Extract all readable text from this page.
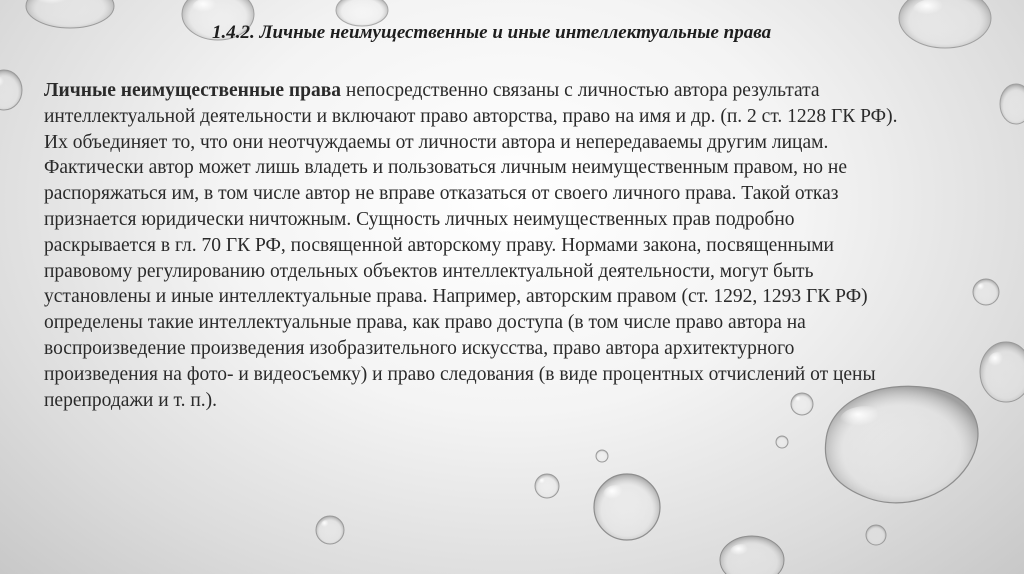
1.4.2. Личные неимущественные и иные интеллектуальные права

Личные неимущественные права непосредственно связаны с личностью автора результата
интеллектуальной деятельности и включают право авторства, право на имя и др. (п. 2 ст. 1228 ГК РФ).
Их объединяет то, что они неотчуждаемы от личности автора и непередаваемы другим лицам.
Фактически автор может лишь владеть и пользоваться личным неимущественным правом, но не
распоряжаться им, в том числе автор не вправе отказаться от своего личного права. Такой отказ
признается юридически ничтожным. Сущность личных неимущественных прав подробно
раскрывается в гл. 70 ГК РФ, посвященной авторскому праву. Нормами закона, посвященными
правовому регулированию отдельных объектов интеллектуальной деятельности, могут быть
установлены и иные интеллектуальные права. Например, авторским правом (ст. 1292, 1293 ГК РФ)
определены такие интеллектуальные права, как право доступа (в том числе право автора на
воспроизведение произведения изобразительного искусства, право автора архитектурного
произведения на фото- и видеосъемку) и право следования (в виде процентных отчислений от цены
перепродажи и т. п.).
